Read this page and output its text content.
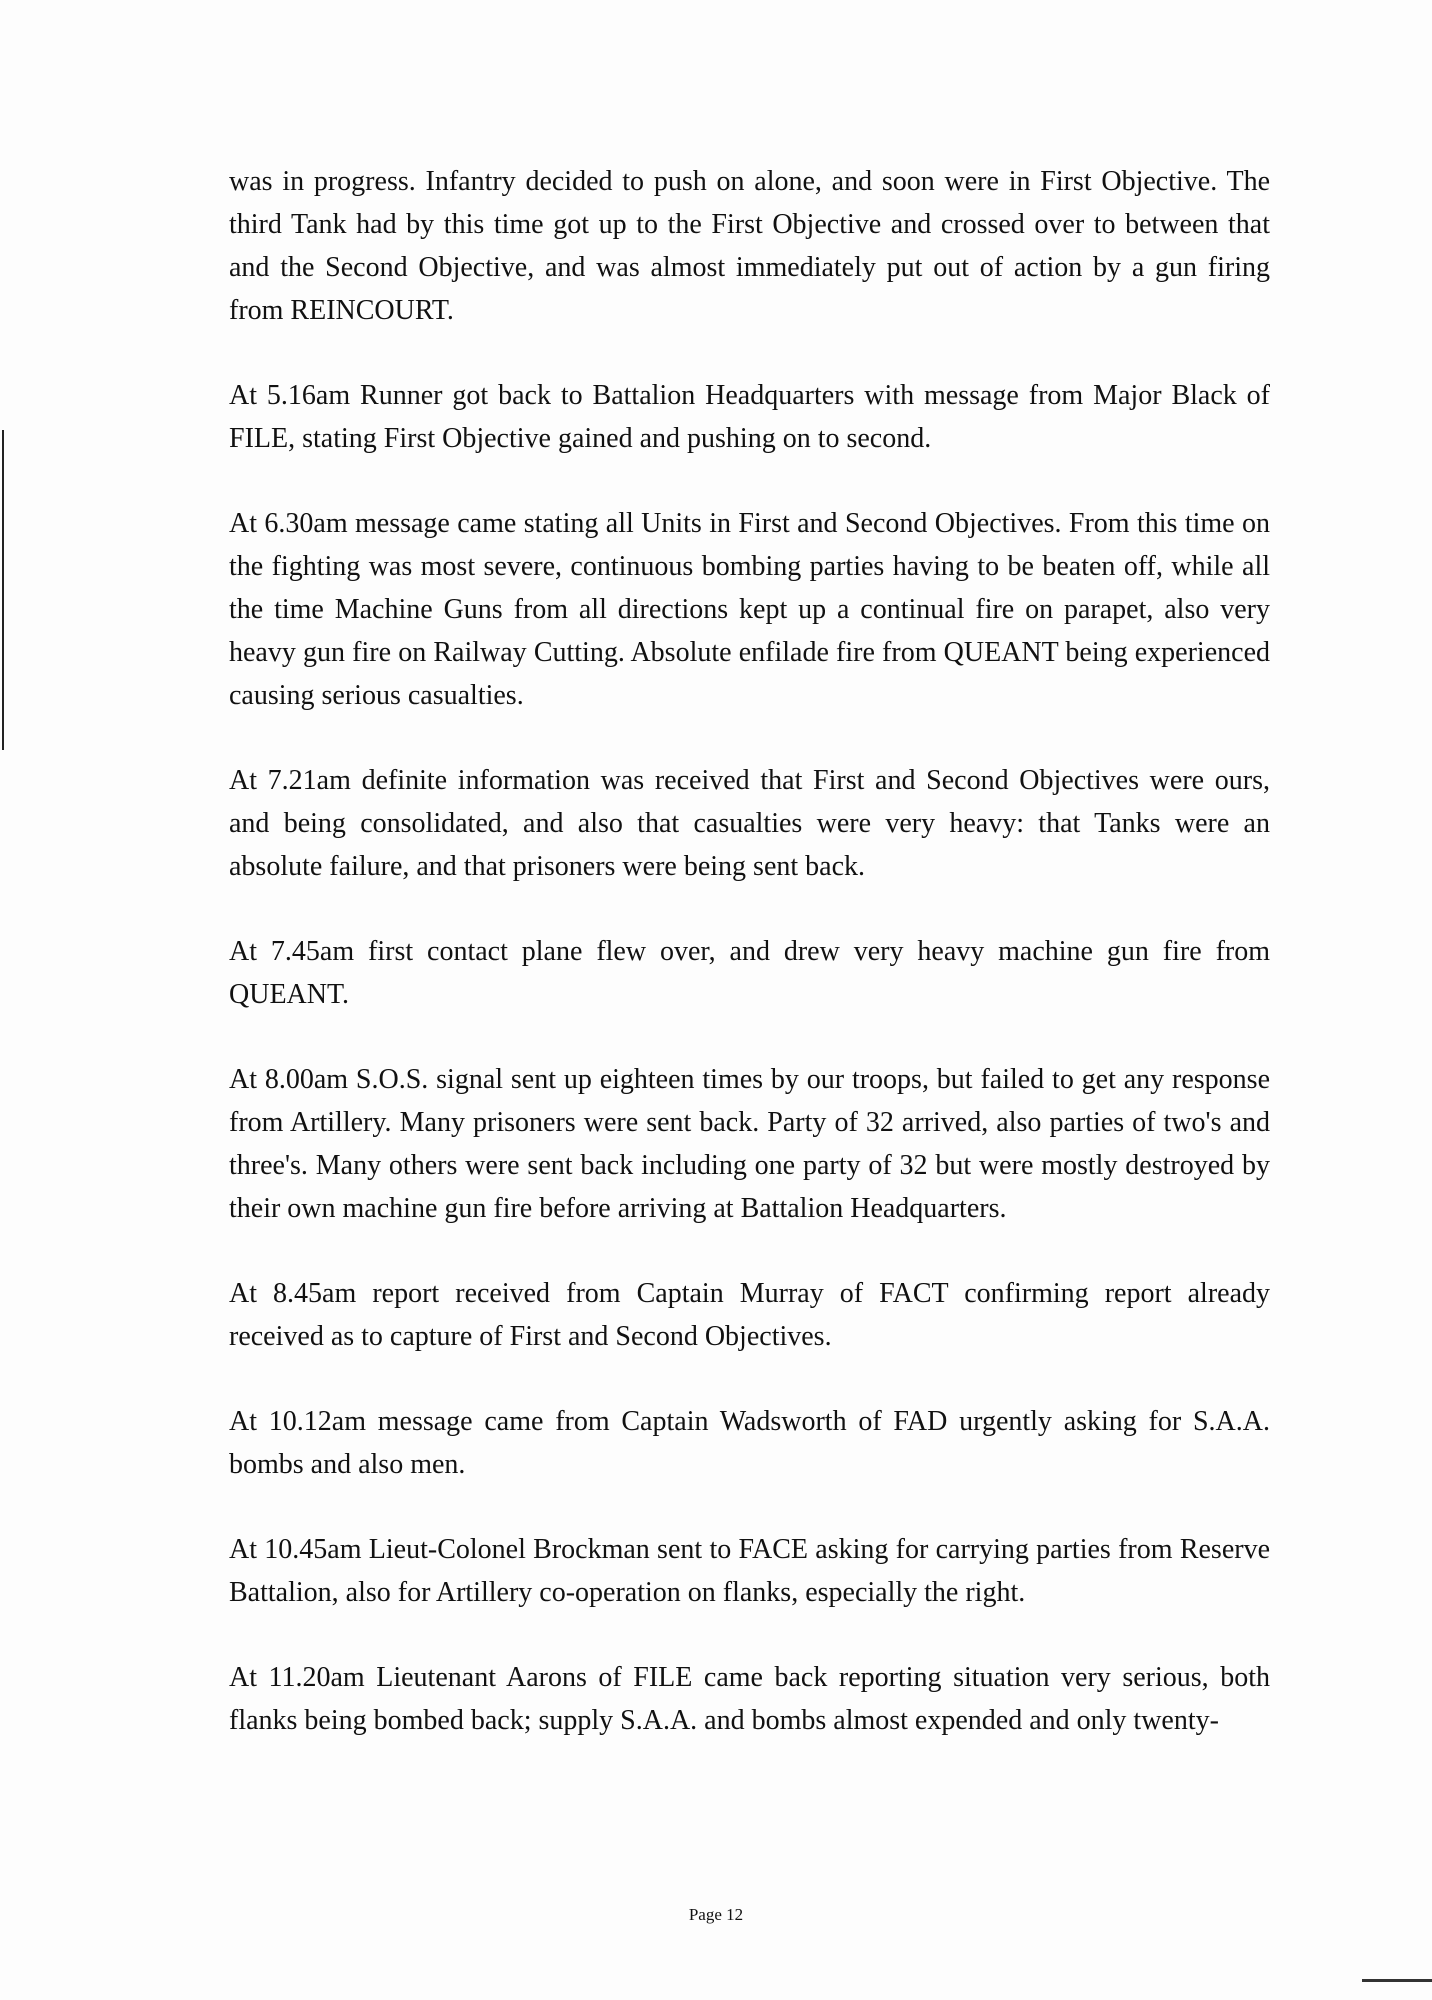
was in progress. Infantry decided to push on alone, and soon were in First Objective. The third Tank had by this time got up to the First Objective and crossed over to between that and the Second Objective, and was almost immediately put out of action by a gun firing from REINCOURT.

At 5.16am Runner got back to Battalion Headquarters with message from Major Black of FILE, stating First Objective gained and pushing on to second.

At 6.30am message came stating all Units in First and Second Objectives. From this time on the fighting was most severe, continuous bombing parties having to be beaten off, while all the time Machine Guns from all directions kept up a continual fire on parapet, also very heavy gun fire on Railway Cutting. Absolute enfilade fire from QUEANT being experienced causing serious casualties.

At 7.21am definite information was received that First and Second Objectives were ours, and being consolidated, and also that casualties were very heavy: that Tanks were an absolute failure, and that prisoners were being sent back.

At 7.45am first contact plane flew over, and drew very heavy machine gun fire from QUEANT.

At 8.00am S.O.S. signal sent up eighteen times by our troops, but failed to get any response from Artillery. Many prisoners were sent back. Party of 32 arrived, also parties of two's and three's. Many others were sent back including one party of 32 but were mostly destroyed by their own machine gun fire before arriving at Battalion Headquarters.

At 8.45am report received from Captain Murray of FACT confirming report already received as to capture of First and Second Objectives.

At 10.12am message came from Captain Wadsworth of FAD urgently asking for S.A.A. bombs and also men.

At 10.45am Lieut-Colonel Brockman sent to FACE asking for carrying parties from Reserve Battalion, also for Artillery co-operation on flanks, especially the right.

At 11.20am Lieutenant Aarons of FILE came back reporting situation very serious, both flanks being bombed back; supply S.A.A. and bombs almost expended and only twenty-

Page 12
